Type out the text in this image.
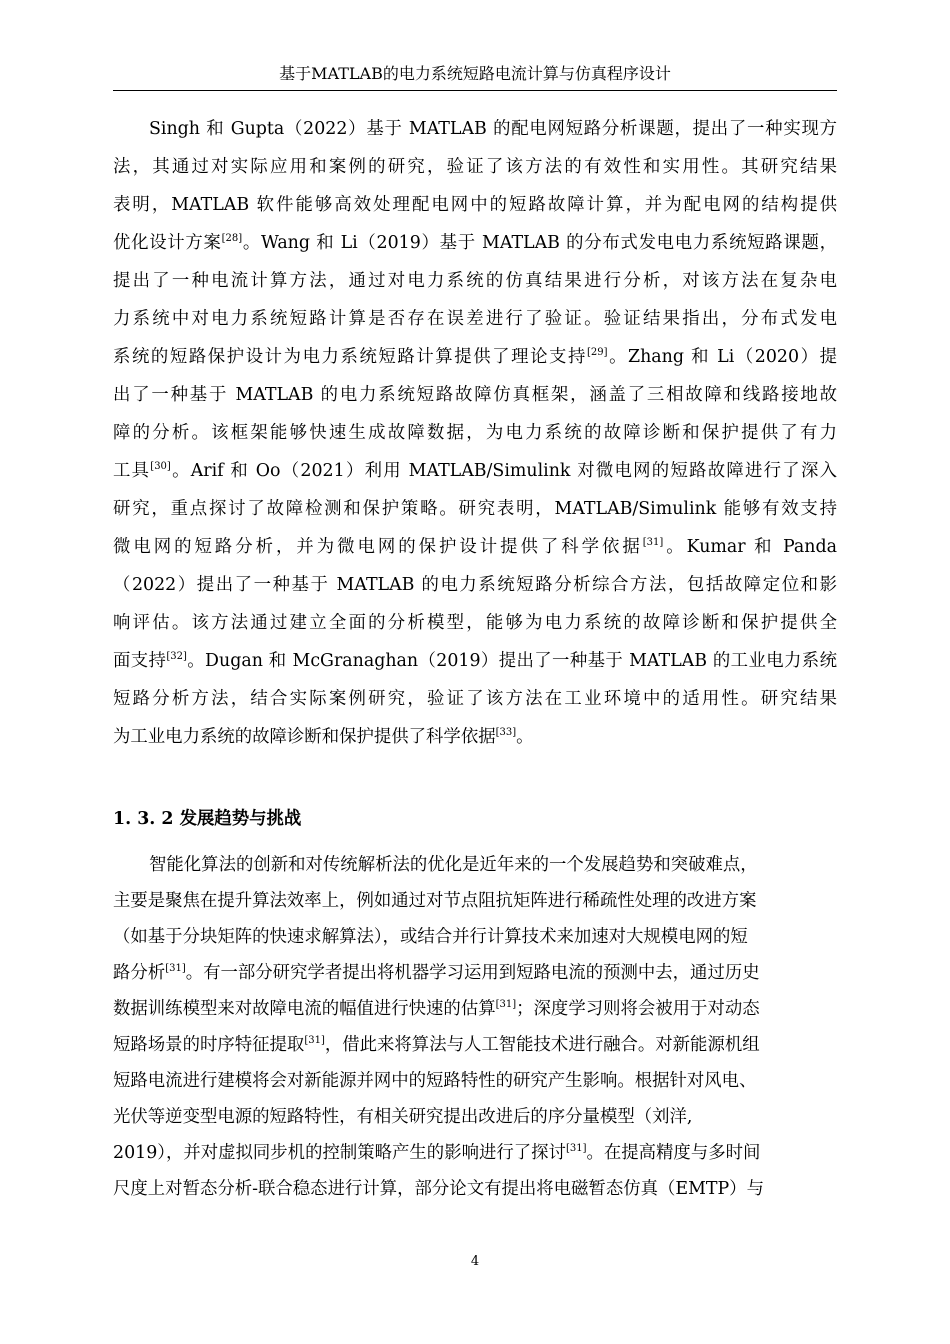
基于MATLAB的电力系统短路电流计算与仿真程序设计
Singh 和 Gupta（2022）基于 MATLAB 的配电网短路分析课题，提出了一种实现方
法，其通过对实际应用和案例的研究，验证了该方法的有效性和实用性。其研究结果
表明，MATLAB 软件能够高效处理配电网中的短路故障计算，并为配电网的结构提供
优化设计方案[28]。Wang 和 Li（2019）基于 MATLAB 的分布式发电电力系统短路课题，
提出了一种电流计算方法，通过对电力系统的仿真结果进行分析，对该方法在复杂电
力系统中对电力系统短路计算是否存在误差进行了验证。验证结果指出，分布式发电
系统的短路保护设计为电力系统短路计算提供了理论支持[29]。Zhang 和 Li（2020）提
出了一种基于 MATLAB 的电力系统短路故障仿真框架，涵盖了三相故障和线路接地故
障的分析。该框架能够快速生成故障数据，为电力系统的故障诊断和保护提供了有力
工具[30]。Arif 和 Oo（2021）利用 MATLAB/Simulink 对微电网的短路故障进行了深入
研究，重点探讨了故障检测和保护策略。研究表明，MATLAB/Simulink 能够有效支持
微电网的短路分析，并为微电网的保护设计提供了科学依据[31]。Kumar 和 Panda
（2022）提出了一种基于 MATLAB 的电力系统短路分析综合方法，包括故障定位和影
响评估。该方法通过建立全面的分析模型，能够为电力系统的故障诊断和保护提供全
面支持[32]。Dugan 和 McGranaghan（2019）提出了一种基于 MATLAB 的工业电力系统
短路分析方法，结合实际案例研究，验证了该方法在工业环境中的适用性。研究结果
为工业电力系统的故障诊断和保护提供了科学依据[33]。
1. 3. 2 发展趋势与挑战
智能化算法的创新和对传统解析法的优化是近年来的一个发展趋势和突破难点，
主要是聚焦在提升算法效率上，例如通过对节点阻抗矩阵进行稀疏性处理的改进方案
（如基于分块矩阵的快速求解算法），或结合并行计算技术来加速对大规模电网的短
路分析[31]。有一部分研究学者提出将机器学习运用到短路电流的预测中去，通过历史
数据训练模型来对故障电流的幅值进行快速的估算[31]；深度学习则将会被用于对动态
短路场景的时序特征提取[31]，借此来将算法与人工智能技术进行融合。对新能源机组
短路电流进行建模将会对新能源并网中的短路特性的研究产生影响。根据针对风电、
光伏等逆变型电源的短路特性，有相关研究提出改进后的序分量模型（刘洋,
2019），并对虚拟同步机的控制策略产生的影响进行了探讨[31]。在提高精度与多时间
尺度上对暂态分析-联合稳态进行计算，部分论文有提出将电磁暂态仿真（EMTP）与
4
